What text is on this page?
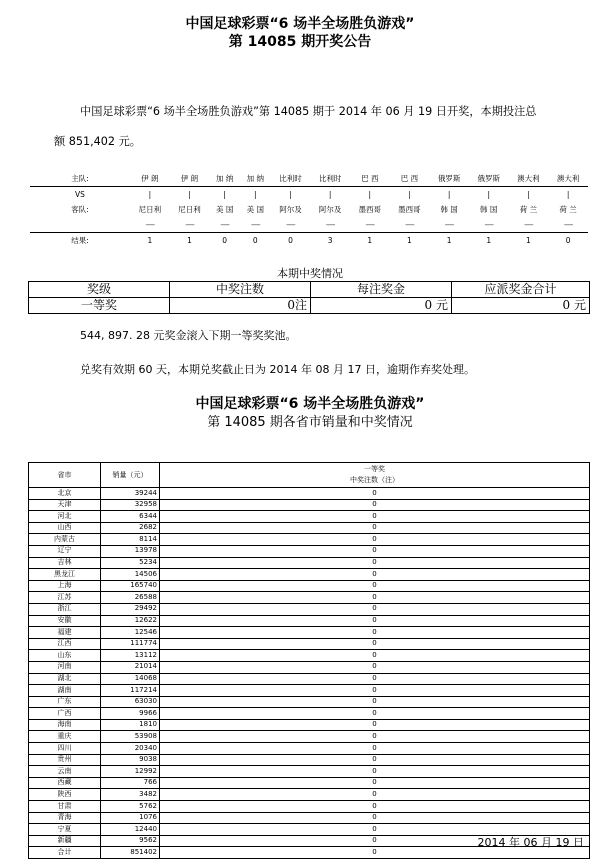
中国足球彩票“6 场半全场胜负游戏”
第 14085 期开奖公告
中国足球彩票“6 场半全场胜负游戏”第 14085 期于 2014 年 06 月 19 日开奖，本期投注总
额 851,402 元。
主队:	伊 朗	伊 朗	加 纳	加 纳	比利时	比利时	巴 西	巴 西	俄罗斯	俄罗斯	澳大利	澳大利
VS	|	|	|	|	|	|	|	|	|	|	|	|
客队:	尼日利	尼日利	美 国	美 国	阿尔及	阿尔及	墨西哥	墨西哥	韩 国	韩 国	荷 兰	荷 兰
	-----	-----	-----	-----	-----	-----	-----	-----	-----	-----	-----	-----
结果:	1	1	0	0	0	3	1	1	1	1	1	0
本期中奖情况
奖级	中奖注数	每注奖金	应派奖金合计
一等奖	0注	0 元	0 元
544, 897. 28 元奖金滚入下期一等奖奖池。
兑奖有效期 60 天，本期兑奖截止日为 2014 年 08 月 17 日，逾期作弃奖处理。
中国足球彩票“6 场半全场胜负游戏”
第 14085 期各省市销量和中奖情况
省市	销量（元）	一等奖
中奖注数（注）

北京	39244	0
天津	32958	0
河北	6344	0
山西	2682	0
内蒙古	8114	0
辽宁	13978	0
吉林	5234	0
黑龙江	14506	0
上海	165740	0
江苏	26588	0
浙江	29492	0
安徽	12622	0
福建	12546	0
江西	111774	0
山东	13112	0
河南	21014	0
湖北	14068	0
湖南	117214	0
广东	63030	0
广西	9966	0
海南	1810	0
重庆	53908	0
四川	20340	0
贵州	9038	0
云南	12992	0
西藏	766	0
陕西	3482	0
甘肃	5762	0
青海	1076	0
宁夏	12440	0
新疆	9562	0
合计	851402	0
2014 年 06 月 19 日
